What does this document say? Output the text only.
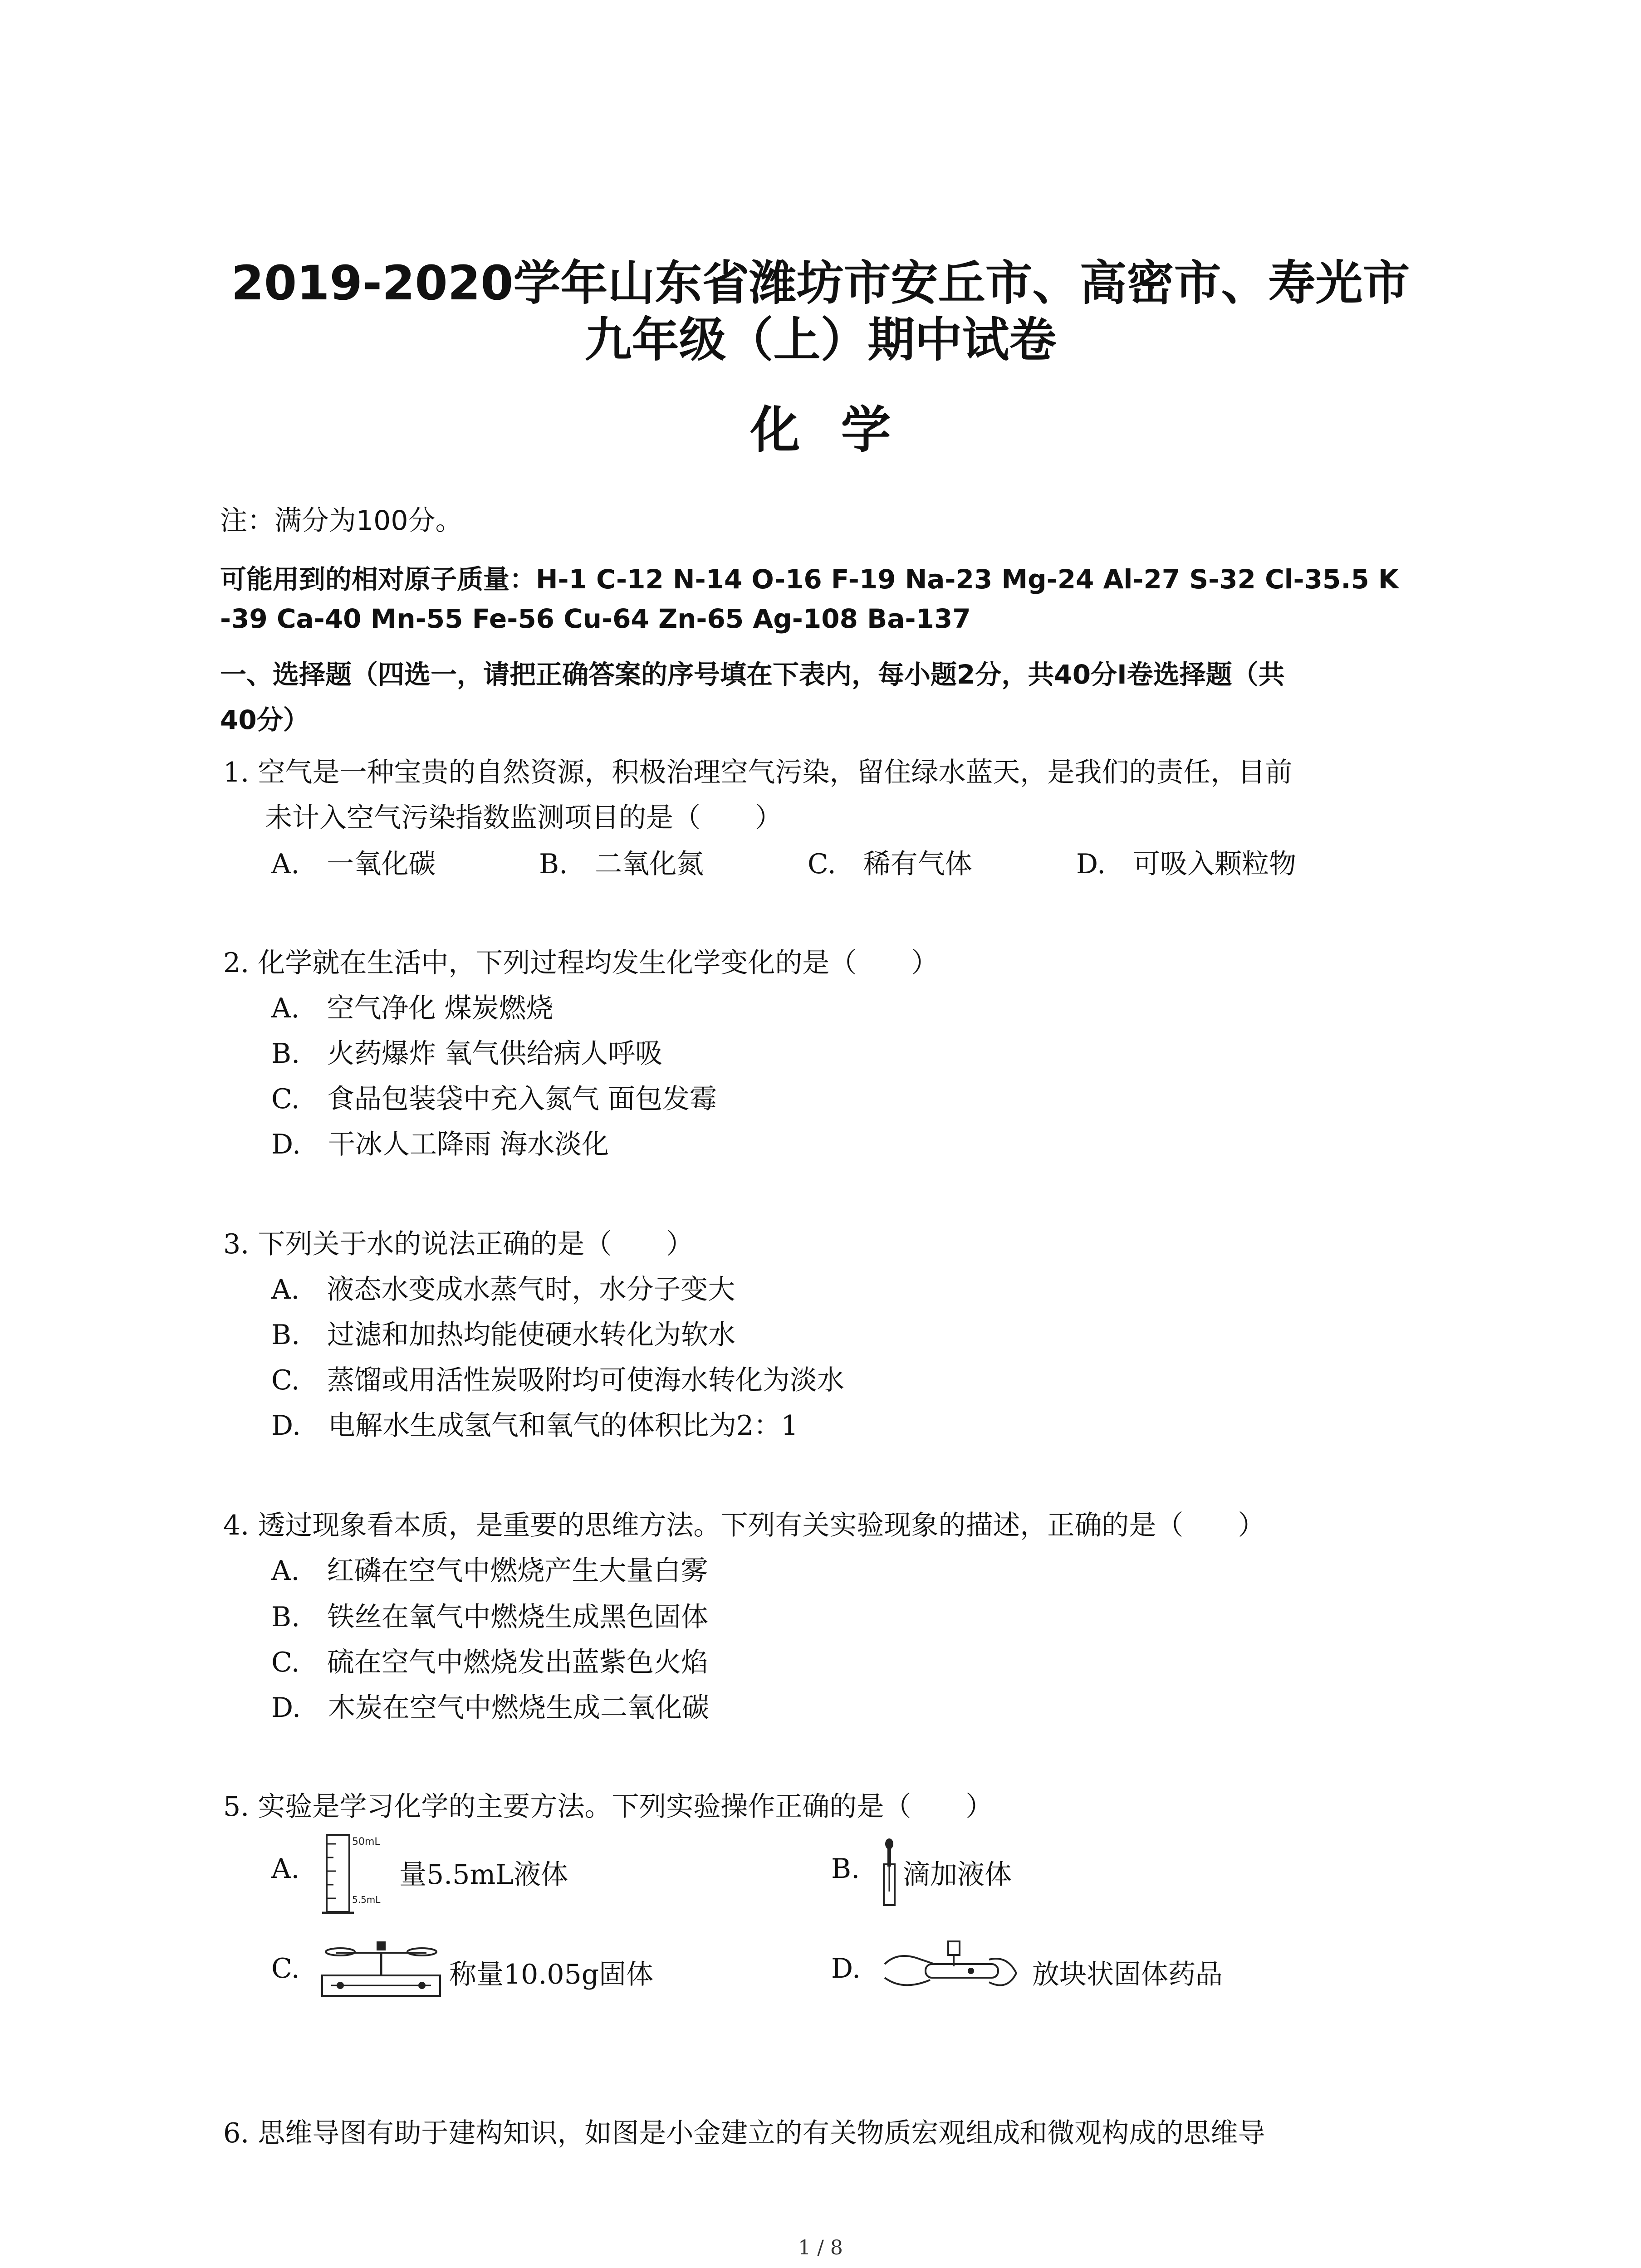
2019-2020学年山东省潍坊市安丘市、高密市、寿光市
九年级（上）期中试卷
化学
注：满分为100分。
可能用到的相对原子质量：H-1 C-12 N-14 O-16 F-19 Na-23 Mg-24 Al-27 S-32 Cl-35.5 K
-39 Ca-40 Mn-55 Fe-56 Cu-64 Zn-65 Ag-108 Ba-137
一、选择题（四选一，请把正确答案的序号填在下表内，每小题2分，共40分I卷选择题（共
40分）
1. 空气是一种宝贵的自然资源，积极治理空气污染，留住绿水蓝天，是我们的责任，目前
未计入空气污染指数监测项目的是（　　）
A.　一氧化碳	B.　二氧化氮	C.　稀有气体	D.　可吸入颗粒物
2. 化学就在生活中，下列过程均发生化学变化的是（　　）
A.　空气净化 煤炭燃烧
B.　火药爆炸 氧气供给病人呼吸
C.　食品包装袋中充入氮气 面包发霉
D.　干冰人工降雨 海水淡化
3. 下列关于水的说法正确的是（　　）
A.　液态水变成水蒸气时，水分子变大
B.　过滤和加热均能使硬水转化为软水
C.　蒸馏或用活性炭吸附均可使海水转化为淡水
D.　电解水生成氢气和氧气的体积比为2：1
4. 透过现象看本质，是重要的思维方法。下列有关实验现象的描述，正确的是（　　）
A.　红磷在空气中燃烧产生大量白雾
B.　铁丝在氧气中燃烧生成黑色固体
C.　硫在空气中燃烧发出蓝紫色火焰
D.　木炭在空气中燃烧生成二氧化碳
5. 实验是学习化学的主要方法。下列实验操作正确的是（　　）
A.
50mL
5.5mL
量5.5mL液体	B. 滴加液体
C.	称量10.05g固体	D.	放块状固体药品
6. 思维导图有助于建构知识，如图是小金建立的有关物质宏观组成和微观构成的思维导
1 / 8
